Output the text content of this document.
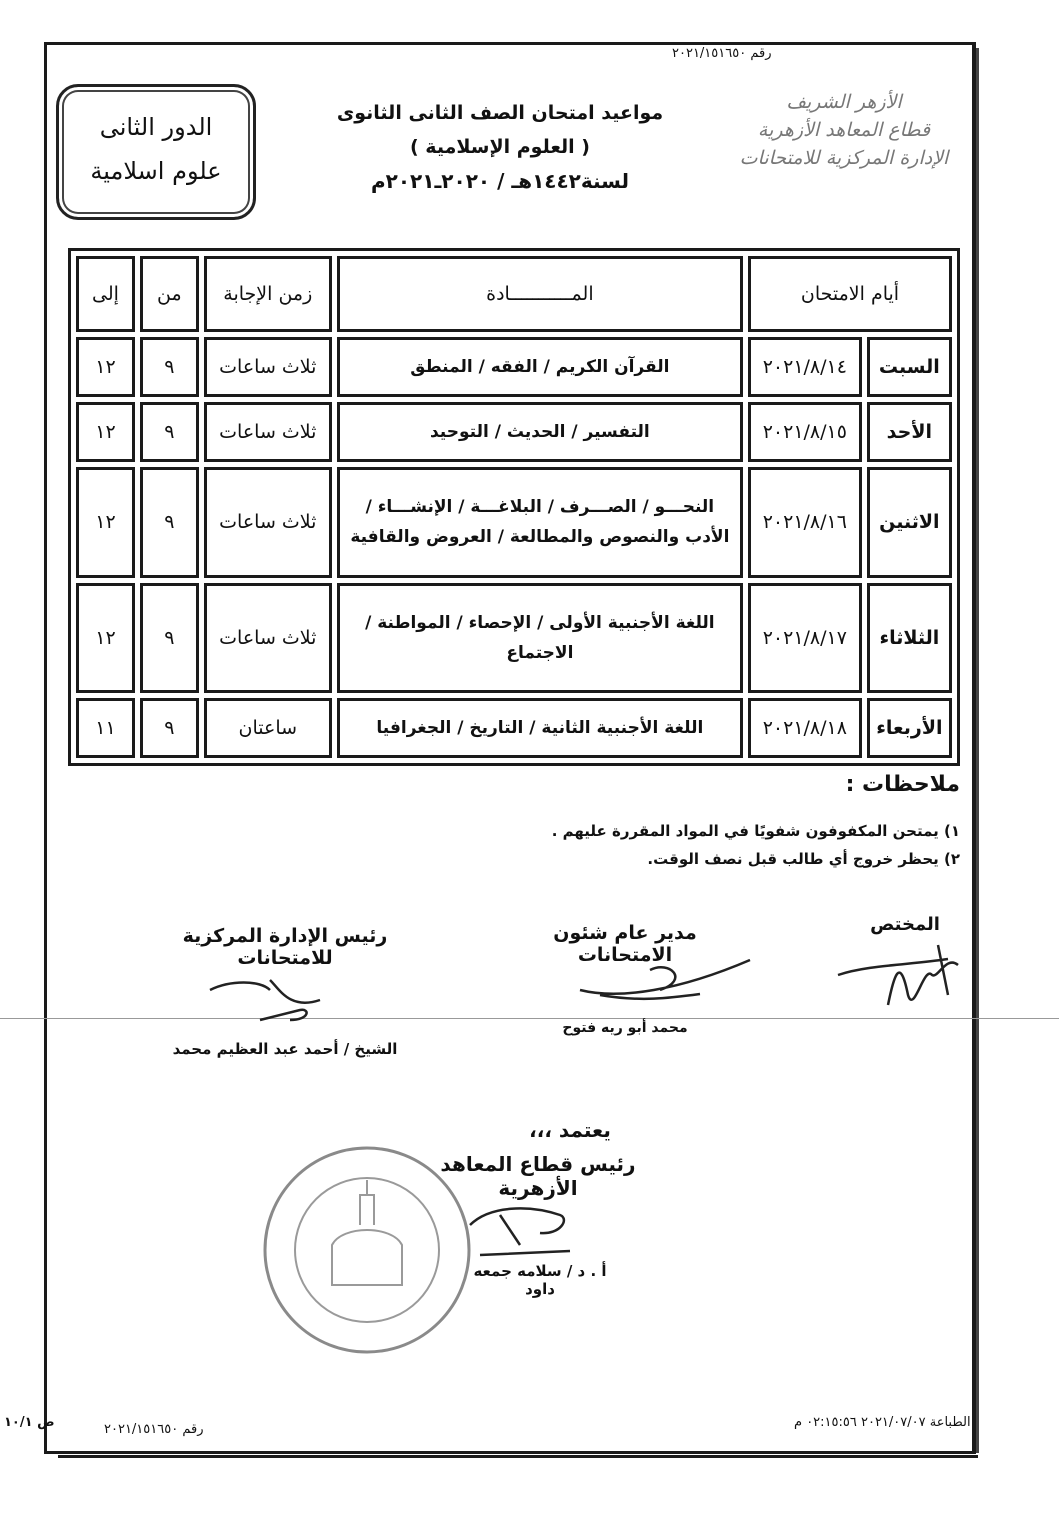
رقم ٢٠٢١/١٥١٦٥٠
الأزهر الشريف
قطاع المعاهد الأزهرية
الإدارة المركزية للامتحانات
مواعيد امتحان الصف الثانى الثانوى
( العلوم الإسلامية )
لسنة١٤٤٢هـ / ٢٠٢٠ـ٢٠٢١م
الدور الثانى
علوم اسلامية
أيام الامتحان		المـــــــــــادة	زمن الإجابة	من	إلى
السبت	٢٠٢١/٨/١٤	القرآن الكريم / الفقه / المنطق	ثلاث ساعات	٩	١٢
الأحد	٢٠٢١/٨/١٥	التفسير / الحديث / التوحيد	ثلاث ساعات	٩	١٢
الاثنين	٢٠٢١/٨/١٦	النحـــو / الصـــرف / البلاغـــة / الإنشـــاء / الأدب والنصوص والمطالعة / العروض والقافية	ثلاث ساعات	٩	١٢
الثلاثاء	٢٠٢١/٨/١٧	اللغة الأجنبية الأولى / الإحصاء / المواطنة / الاجتماع	ثلاث ساعات	٩	١٢
الأربعاء	٢٠٢١/٨/١٨	اللغة الأجنبية الثانية / التاريخ / الجغرافيا	ساعتان	٩	١١
ملاحظات :
١) يمتحن المكفوفون شفويًا في المواد المقررة عليهم .
٢) يحظر خروج أي طالب قبل نصف الوقت.
المختص
مدير عام شئون الامتحانات
محمد أبو ريه فتوح
رئيس الإدارة المركزية للامتحانات
الشيخ / أحمد عبد العظيم محمد
يعتمد ،،،
رئيس قطاع المعاهد الأزهرية
أ . د / سلامه جمعه داود
رقم ٢٠٢١/١٥١٦٥٠	الطباعة ٢٠٢١/٠٧/٠٧ ٠٢:١٥:٥٦ م
ص ١٠/١
